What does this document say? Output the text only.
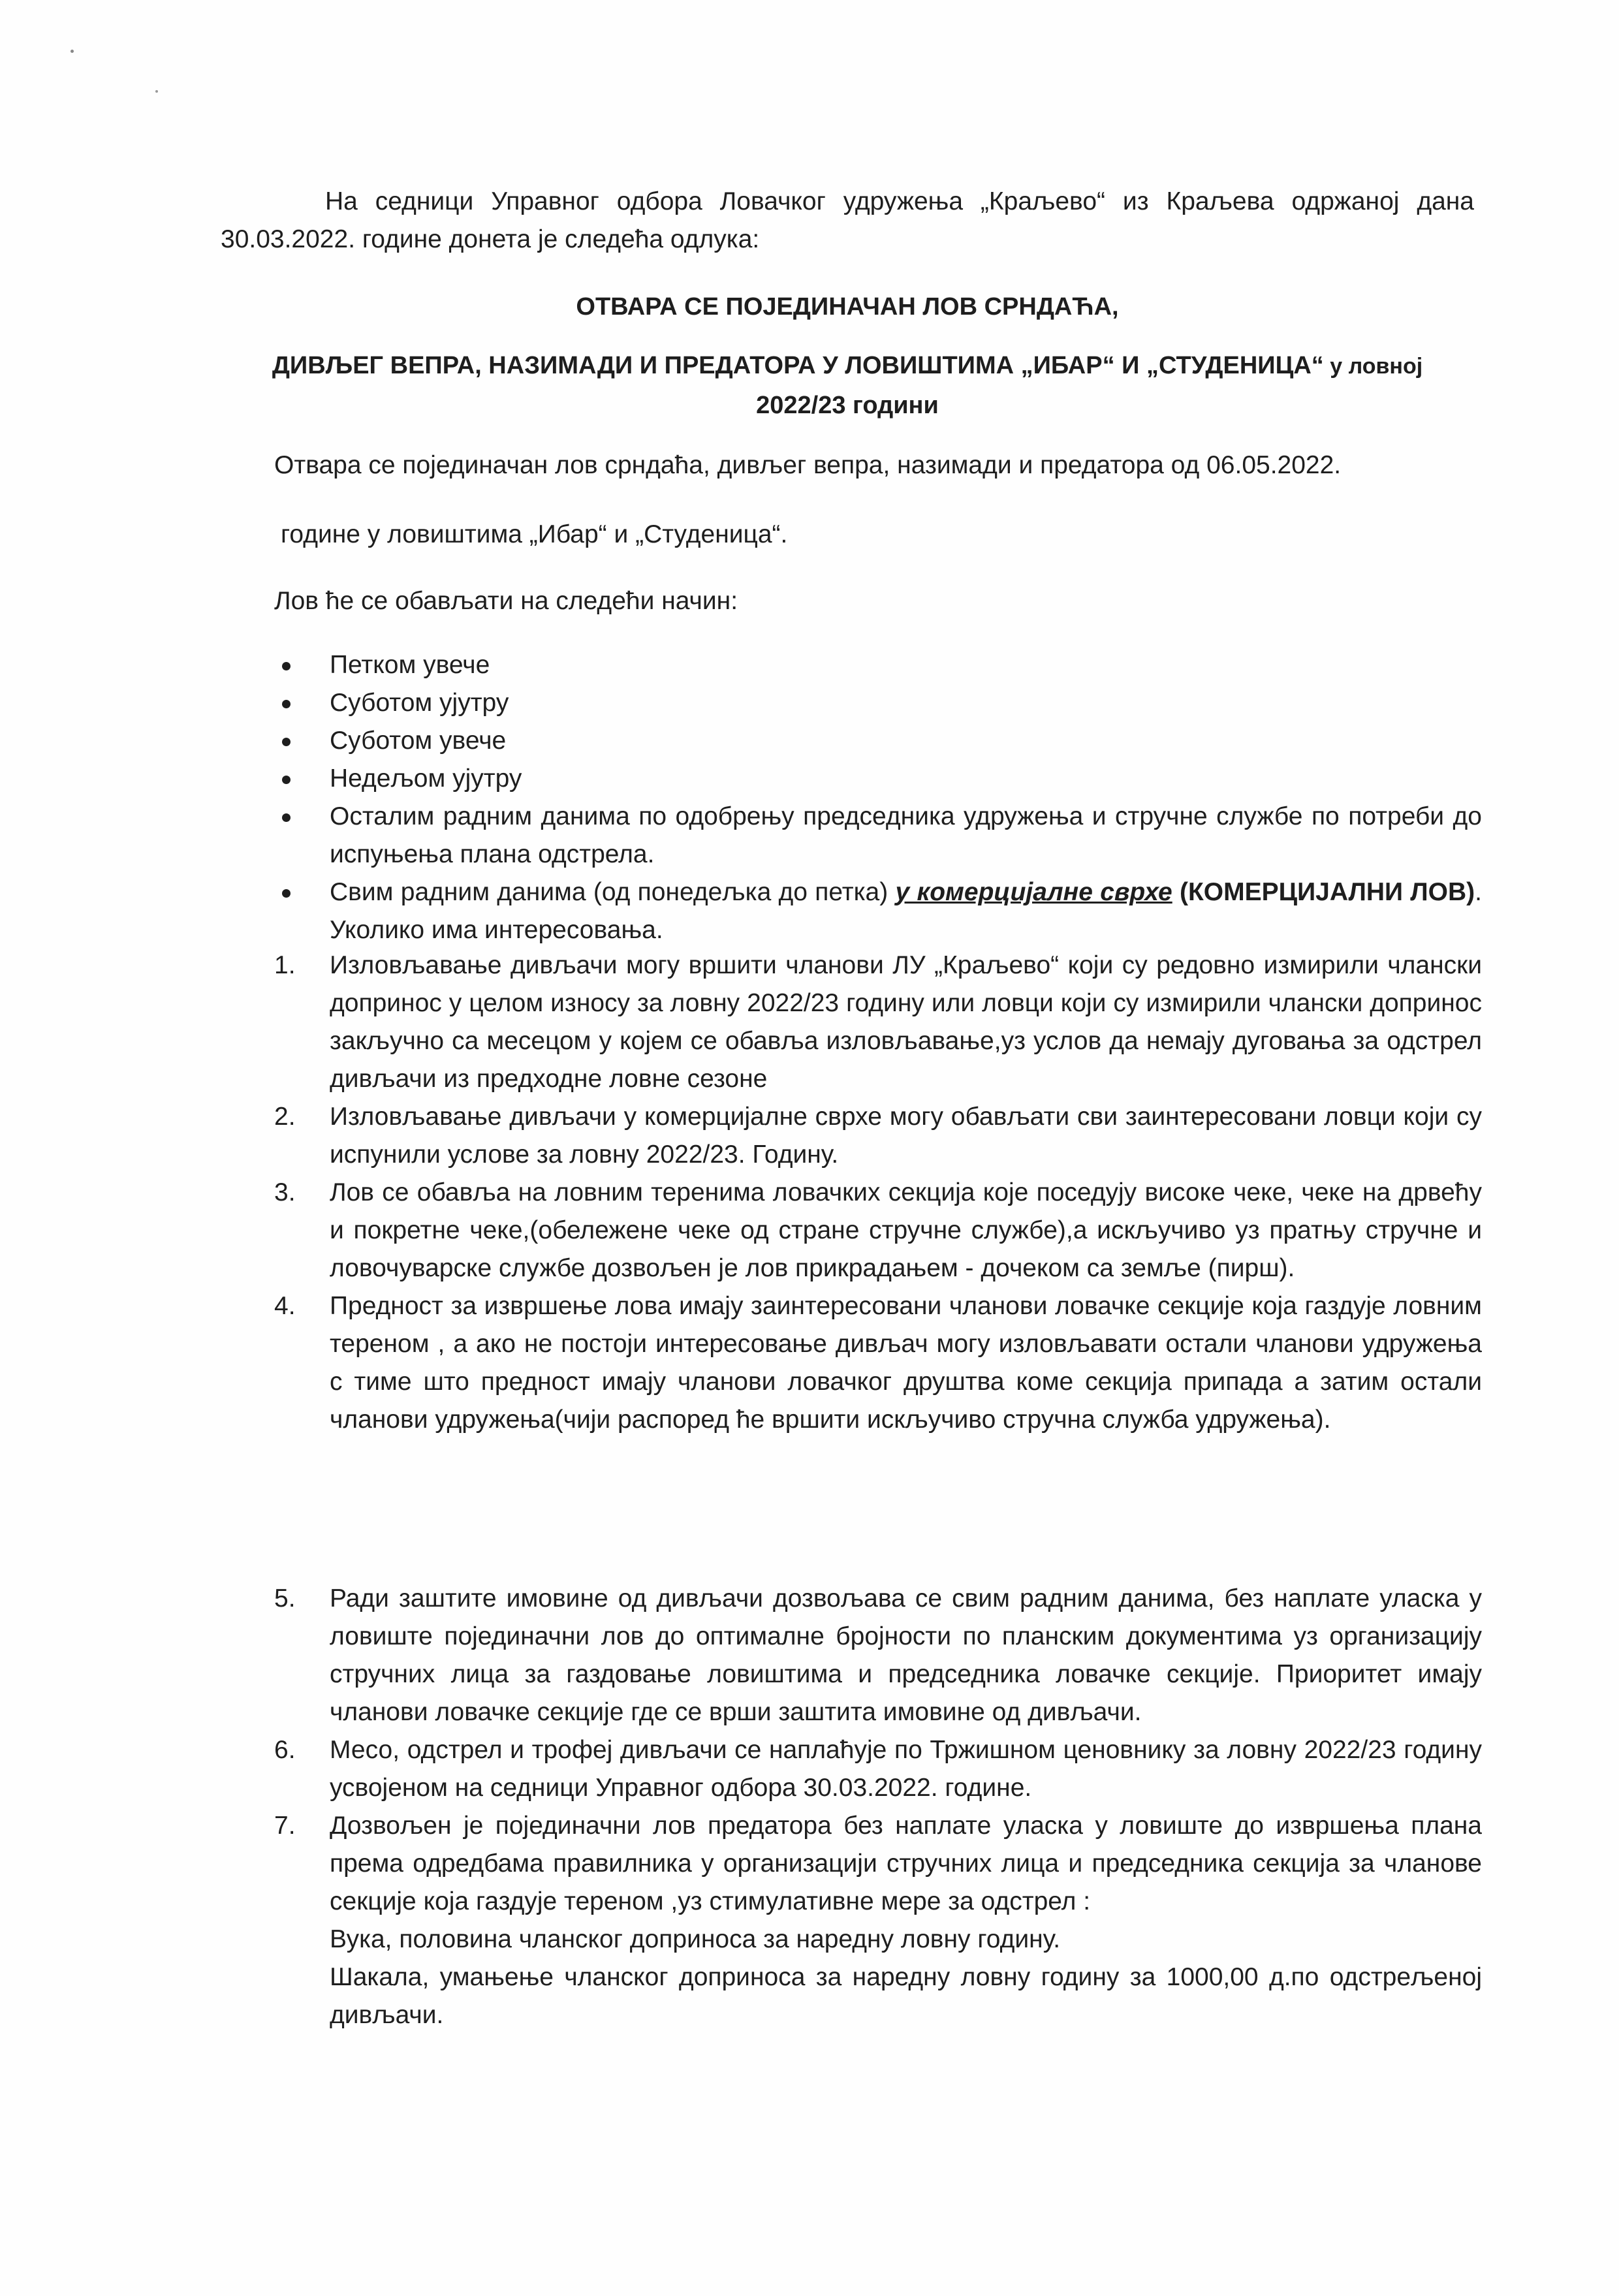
На седници Управног одбора Ловачког удружења „Краљево“ из Краљева одржаној дана 30.03.2022. године донета је следећа одлука:
ОТВАРА СЕ ПОЈЕДИНАЧАН ЛОВ СРНДАЋА,
ДИВЉЕГ ВЕПРА, НАЗИМАДИ И ПРЕДАТОРА У ЛОВИШТИМА „ИБАР“ И „СТУДЕНИЦА“ у ловној
2022/23 години
Отвара се појединачан лов срндаћа, дивљег вепра, назимади и предатора од 06.05.2022.
године у ловиштима „Ибар“ и „Студеница“.
Лов ће се обављати на следећи начин:
Петком увече
Суботом ујутру
Суботом увече
Недељом ујутру
Осталим радним данима по одобрењу председника удружења и стручне службе по потреби до испуњења плана одстрела.
Свим радним данима (од понедељка до петка) у комерцијалне сврхе (КОМЕРЦИЈАЛНИ ЛОВ). Уколико има интересовања.
1. Изловљавање дивљачи могу вршити чланови ЛУ „Краљево“ који су редовно измирили члански допринос у целом износу за ловну 2022/23 годину или ловци који су измирили члански допринос закључно са месецом у којем се обавља изловљавање,уз услов да немају дуговања за одстрел дивљачи из предходне ловне сезоне
2. Изловљавање дивљачи у комерцијалне сврхе могу обављати сви заинтересовани ловци који су испунили услове за ловну 2022/23. Годину.
3. Лов се обавља на ловним теренима ловачких секција које поседују високе чеке, чеке на дрвећу и покретне чеке,(обележене чеке од стране стручне службе),а искључиво уз пратњу стручне и ловочуварске службе дозвољен је лов прикрадањем - дочеком са земље (пирш).
4. Предност за извршење лова имају заинтересовани чланови ловачке секције која газдује ловним тереном , а ако не постоји интересовање дивљач могу изловљавати остали чланови удружења с тиме што предност имају чланови ловачког друштва коме секција припада а затим остали чланови удружења(чији распоред ће вршити искључиво стручна служба удружења).
5. Ради заштите имовине од дивљачи дозвољава се свим радним данима, без наплате уласка у ловиште појединачни лов до оптималне бројности по планским документима уз организацију стручних лица за газдовање ловиштима и председника ловачке секције. Приоритет имају чланови ловачке секције где се врши заштита имовине од дивљачи.
6. Месо, одстрел и трофеј дивљачи се наплаћује по Тржишном ценовнику за ловну 2022/23 годину усвојеном на седници Управног одбора 30.03.2022. године.
7. Дозвољен је појединачни лов предатора без наплате уласка у ловиште до извршења плана према одредбама правилника у организацији стручних лица и председника секција за чланове секције која газдује тереном ,уз стимулативне мере за одстрел :
Вука, половина чланског доприноса за наредну ловну годину.
Шакала, умањење чланског доприноса за наредну ловну годину за 1000,00 д.по одстрељеној дивљачи.
